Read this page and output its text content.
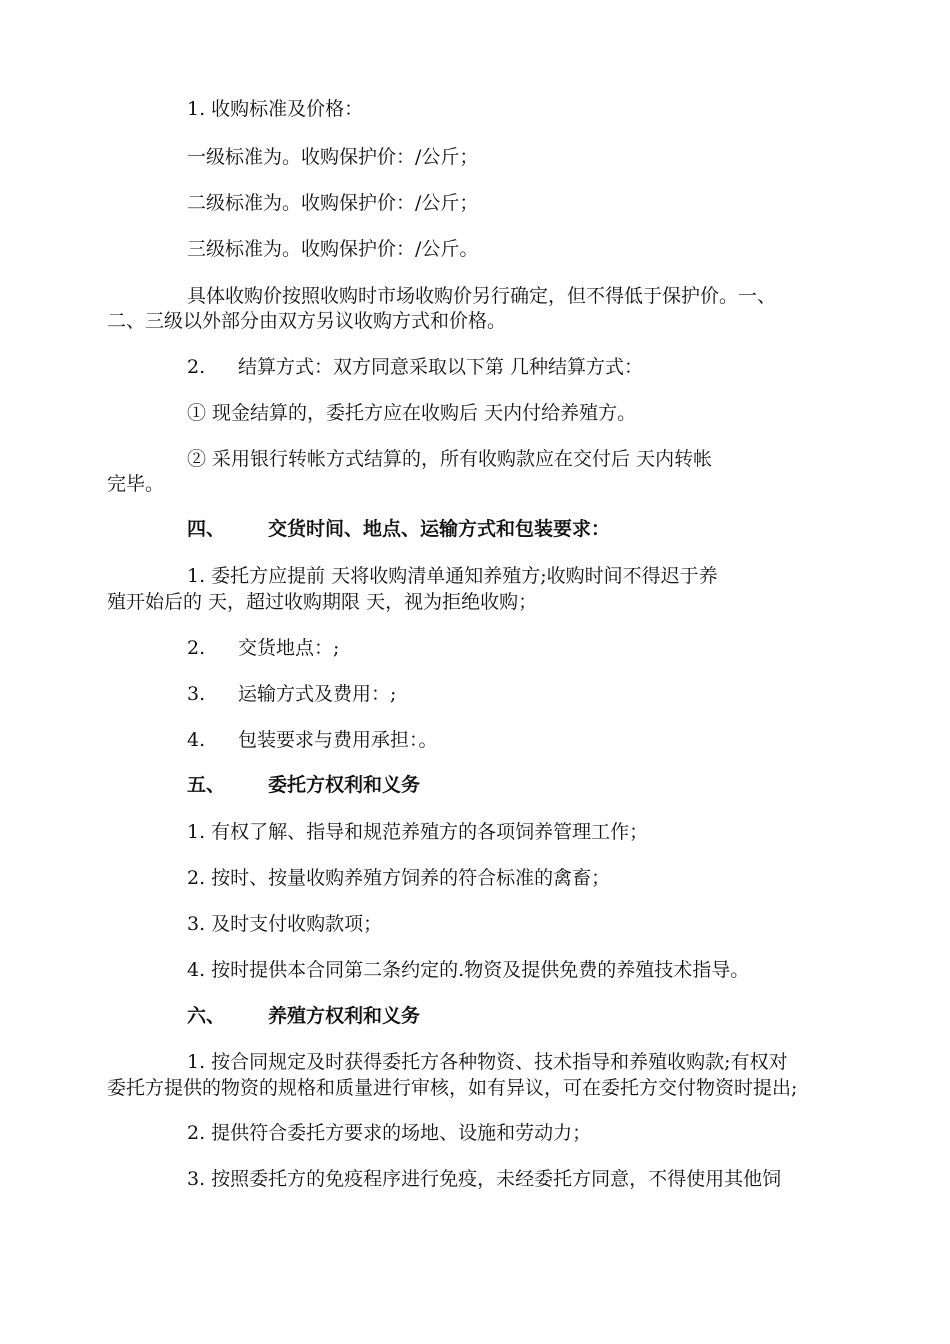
1. 收购标准及价格：
一级标准为。收购保护价：/公斤；
二级标准为。收购保护价：/公斤；
三级标准为。收购保护价：/公斤。
具体收购价按照收购时市场收购价另行确定，但不得低于保护价。一、
二、三级以外部分由双方另议收购方式和价格。
2. 结算方式：双方同意采取以下第 几种结算方式：
① 现金结算的，委托方应在收购后 天内付给养殖方。
② 采用银行转帐方式结算的，所有收购款应在交付后 天内转帐
完毕。
四、 交货时间、地点、运输方式和包装要求：
1. 委托方应提前 天将收购清单通知养殖方;收购时间不得迟于养
殖开始后的 天，超过收购期限 天，视为拒绝收购；
2. 交货地点：;
3. 运输方式及费用：;
4. 包装要求与费用承担：。
五、 委托方权利和义务
1. 有权了解、指导和规范养殖方的各项饲养管理工作；
2. 按时、按量收购养殖方饲养的符合标准的禽畜；
3. 及时支付收购款项；
4. 按时提供本合同第二条约定的.物资及提供免费的养殖技术指导。
六、 养殖方权利和义务
1. 按合同规定及时获得委托方各种物资、技术指导和养殖收购款;有权对
委托方提供的物资的规格和质量进行审核，如有异议，可在委托方交付物资时提出;
2. 提供符合委托方要求的场地、设施和劳动力；
3. 按照委托方的免疫程序进行免疫，未经委托方同意，不得使用其他饲
